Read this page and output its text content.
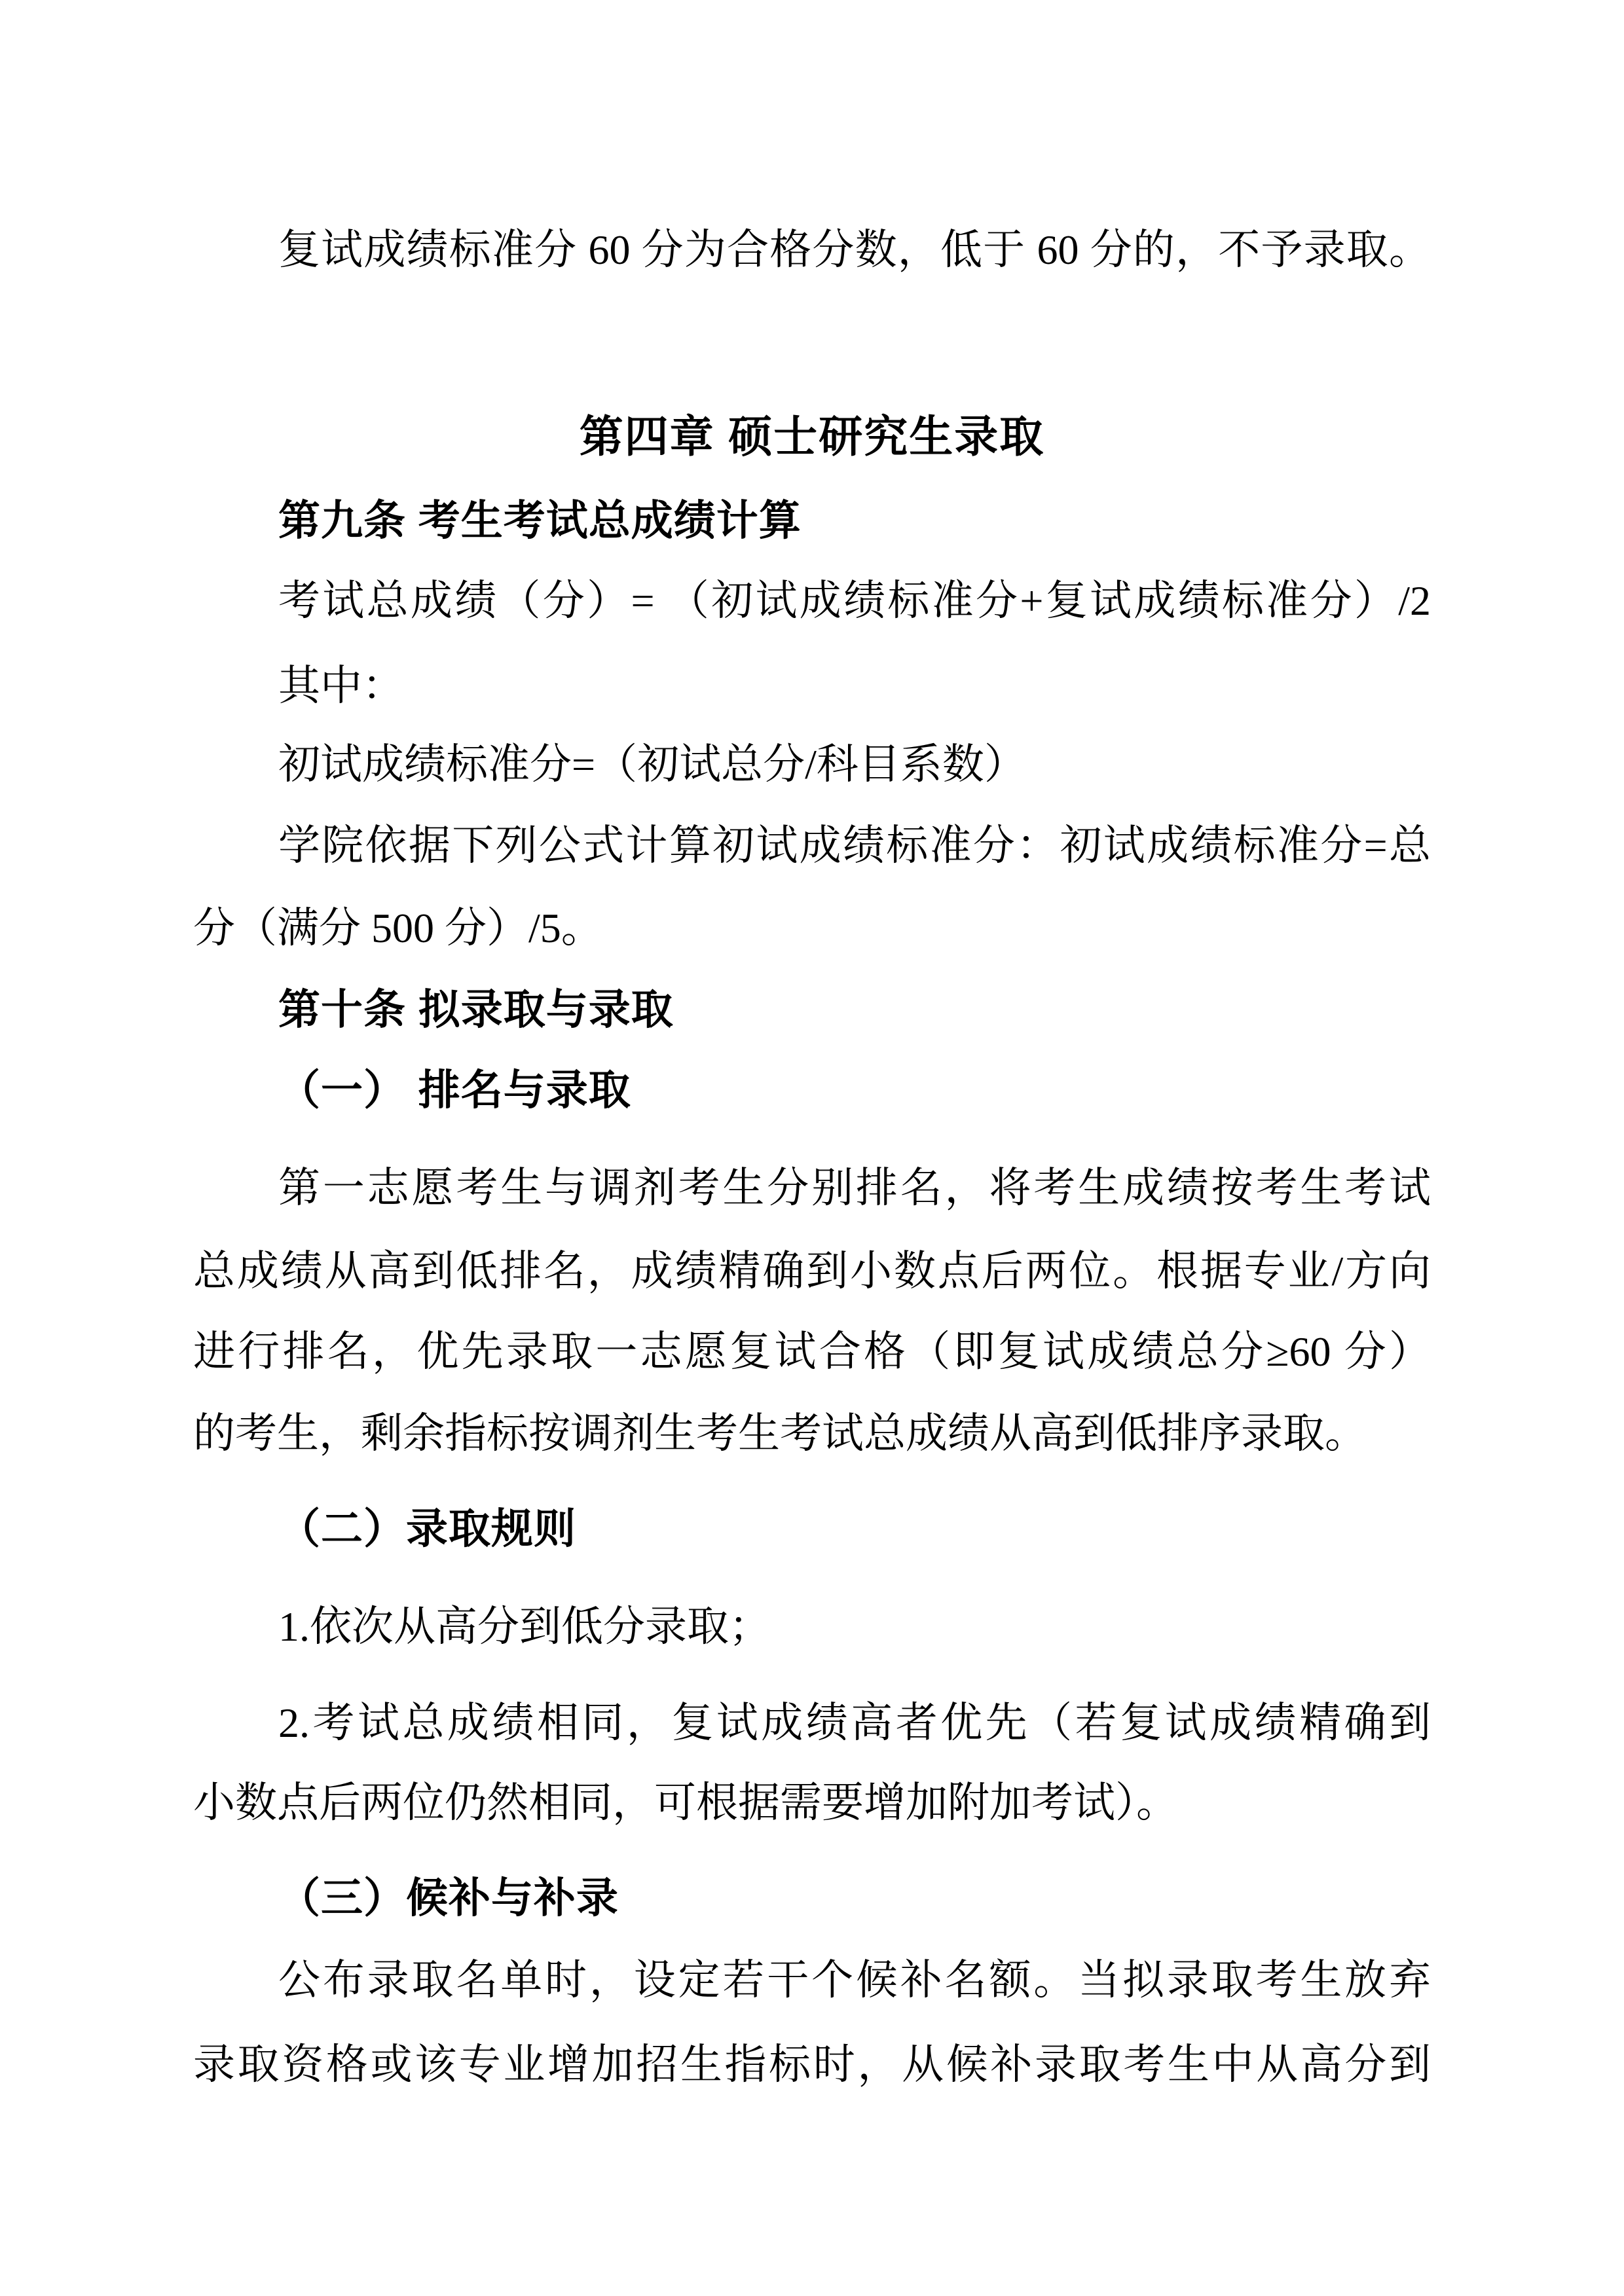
复试成绩标准分 60 分为合格分数，低于 60 分的，不予录取。
第四章 硕士研究生录取
第九条 考生考试总成绩计算
考试总成绩（分）= （初试成绩标准分+复试成绩标准分）/2
其中：
初试成绩标准分=（初试总分/科目系数）
学院依据下列公式计算初试成绩标准分：初试成绩标准分=总
分（满分 500 分）/5。
第十条 拟录取与录取
（一） 排名与录取
第一志愿考生与调剂考生分别排名，将考生成绩按考生考试
总成绩从高到低排名，成绩精确到小数点后两位。根据专业/方向
进行排名，优先录取一志愿复试合格（即复试成绩总分≥60 分）
的考生，剩余指标按调剂生考生考试总成绩从高到低排序录取。
（二）录取规则
1.依次从高分到低分录取；
2.考试总成绩相同，复试成绩高者优先（若复试成绩精确到
小数点后两位仍然相同，可根据需要增加附加考试）。
（三）候补与补录
公布录取名单时，设定若干个候补名额。当拟录取考生放弃
录取资格或该专业增加招生指标时，从候补录取考生中从高分到
